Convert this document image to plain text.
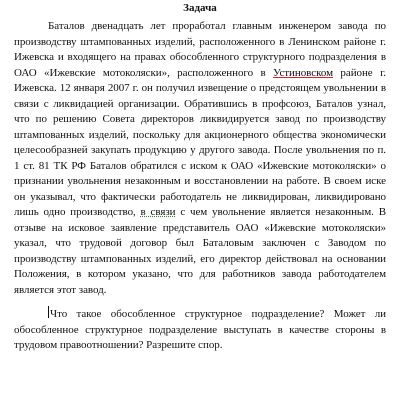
Задача

Баталов двенадцать лет проработал главным инженером завода по производству штампованных изделий, расположенного в Ленинском районе г. Ижевска и входящего на правах обособленного структурного подразделения в ОАО «Ижевские мотоколяски», расположенного в Устиновском районе г. Ижевска. 12 января 2007 г. он получил извещение о предстоящем увольнении в связи с ликвидацией организации. Обратившись в профсоюз, Баталов узнал, что по решению Совета директоров ликвидируется завод по производству штампованных изделий, поскольку для акционерного общества экономически целесообразней закупать продукцию у другого завода. После увольнения по п. 1 ст. 81 ТК РФ Баталов обратился с иском к ОАО «Ижевские мотоколяски» о признании увольнения незаконным и восстановлении на работе. В своем иске он указывал, что фактически работодатель не ликвидирован, ликвидировано лишь одно производство, в связи с чем увольнение является незаконным. В отзыве на исковое заявление представитель ОАО «Ижевские мотоколяски» указал, что трудовой договор был Баталовым заключен с Заводом по производству штампованных изделий, его директор действовал на основании Положения, в котором указано, что для работников завода работодателем является этот завод.

Что такое обособленное структурное подразделение? Может ли обособленное структурное подразделение выступать в качестве стороны в трудовом правоотношении? Разрешите спор.
